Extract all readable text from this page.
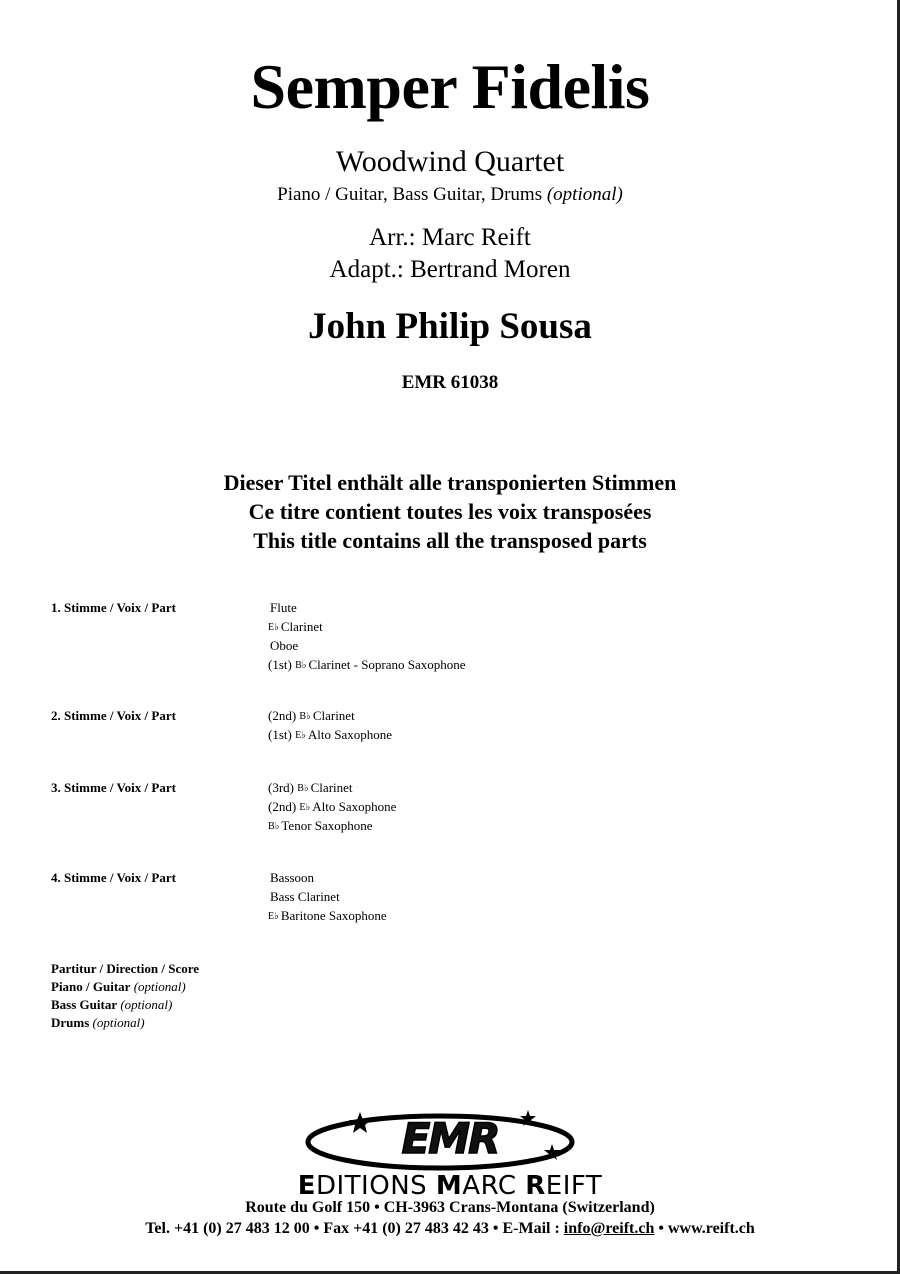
Semper Fidelis
Woodwind Quartet
Piano / Guitar, Bass Guitar, Drums (optional)
Arr.: Marc Reift
Adapt.: Bertrand Moren
John Philip Sousa
EMR 61038
Dieser Titel enthält alle transponierten Stimmen
Ce titre contient toutes les voix transposées
This title contains all the transposed parts
1. Stimme / Voix / Part	Flute
E♭ Clarinet
Oboe
(1st) B♭ Clarinet - Soprano Saxophone
2. Stimme / Voix / Part	(2nd) B♭ Clarinet
(1st) E♭ Alto Saxophone
3. Stimme / Voix / Part	(3rd) B♭ Clarinet
(2nd) E♭ Alto Saxophone
B♭ Tenor Saxophone
4. Stimme / Voix / Part	Bassoon
Bass Clarinet
E♭ Baritone Saxophone
Partitur / Direction / Score
Piano / Guitar (optional)
Bass Guitar (optional)
Drums (optional)
EMR
EDITIONS MARC REIFT
Route du Golf 150 • CH-3963 Crans-Montana (Switzerland)
Tel. +41 (0) 27 483 12 00 • Fax +41 (0) 27 483 42 43 • E-Mail : info@reift.ch • www.reift.ch
